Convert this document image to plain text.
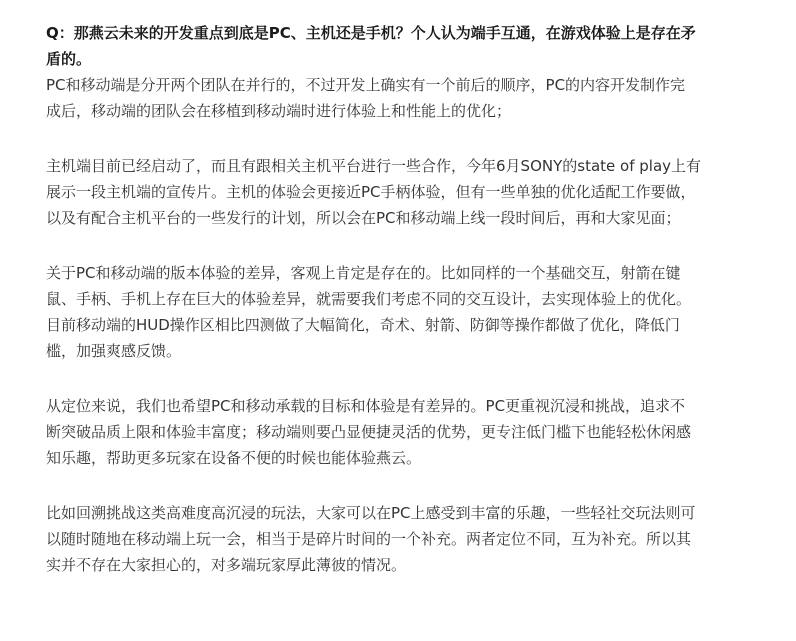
Q：那燕云未来的开发重点到底是PC、主机还是手机？个人认为端手互通，在游戏体验上是存在矛
盾的。

PC和移动端是分开两个团队在并行的，不过开发上确实有一个前后的顺序，PC的内容开发制作完
成后，移动端的团队会在移植到移动端时进行体验上和性能上的优化；

主机端目前已经启动了，而且有跟相关主机平台进行一些合作，今年6月SONY的state of play上有
展示一段主机端的宣传片。主机的体验会更接近PC手柄体验，但有一些单独的优化适配工作要做，
以及有配合主机平台的一些发行的计划，所以会在PC和移动端上线一段时间后，再和大家见面；

关于PC和移动端的版本体验的差异，客观上肯定是存在的。比如同样的一个基础交互，射箭在键
鼠、手柄、手机上存在巨大的体验差异，就需要我们考虑不同的交互设计，去实现体验上的优化。
目前移动端的HUD操作区相比四测做了大幅简化，奇术、射箭、防御等操作都做了优化，降低门
槛，加强爽感反馈。

从定位来说，我们也希望PC和移动承载的目标和体验是有差异的。PC更重视沉浸和挑战，追求不
断突破品质上限和体验丰富度；移动端则要凸显便捷灵活的优势，更专注低门槛下也能轻松休闲感
知乐趣，帮助更多玩家在设备不便的时候也能体验燕云。

比如回溯挑战这类高难度高沉浸的玩法，大家可以在PC上感受到丰富的乐趣，一些轻社交玩法则可
以随时随地在移动端上玩一会，相当于是碎片时间的一个补充。两者定位不同，互为补充。所以其
实并不存在大家担心的，对多端玩家厚此薄彼的情况。
